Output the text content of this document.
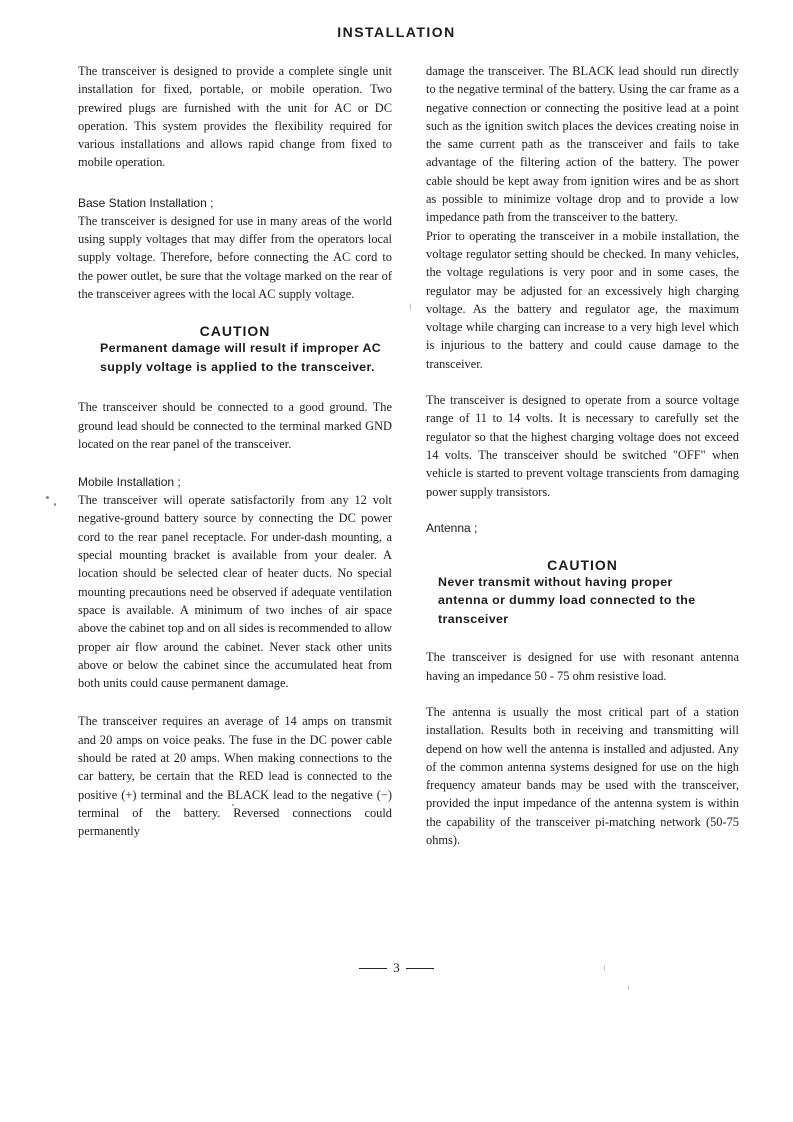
INSTALLATION

The transceiver is designed to provide a complete single unit installation for fixed, portable, or mobile operation. Two prewired plugs are furnished with the unit for AC or DC operation. This system provides the flexibility required for various installations and allows rapid change from fixed to mobile operation.

Base Station Installation ;

The transceiver is designed for use in many areas of the world using supply voltages that may differ from the operators local supply voltage. Therefore, before connecting the AC cord to the power outlet, be sure that the voltage marked on the rear of the transceiver agrees with the local AC supply voltage.

CAUTION
Permanent damage will result if improper AC supply voltage is applied to the transceiver.

The transceiver should be connected to a good ground. The ground lead should be connected to the terminal marked GND located on the rear panel of the transceiver.

Mobile Installation ;

The transceiver will operate satisfactorily from any 12 volt negative-ground battery source by connecting the DC power cord to the rear panel receptacle. For under-dash mounting, a special mounting bracket is available from your dealer. A location should be selected clear of heater ducts. No special mounting precautions need be observed if adequate ventilation space is available. A minimum of two inches of air space above the cabinet top and on all sides is recommended to allow proper air flow around the cabinet. Never stack other units above or below the cabinet since the accumulated heat from both units could cause permanent damage.

The transceiver requires an average of 14 amps on transmit and 20 amps on voice peaks. The fuse in the DC power cable should be rated at 20 amps. When making connections to the car battery, be certain that the RED lead is connected to the positive (+) terminal and the BLACK lead to the negative (−) terminal of the battery. Reversed connections could permanently

damage the transceiver. The BLACK lead should run directly to the negative terminal of the battery. Using the car frame as a negative connection or connecting the positive lead at a point such as the ignition switch places the devices creating noise in the same current path as the transceiver and fails to take advantage of the filtering action of the battery. The power cable should be kept away from ignition wires and be as short as possible to minimize voltage drop and to provide a low impedance path from the transceiver to the battery.

Prior to operating the transceiver in a mobile installation, the voltage regulator setting should be checked. In many vehicles, the voltage regulations is very poor and in some cases, the regulator may be adjusted for an excessively high charging voltage. As the battery and regulator age, the maximum voltage while charging can increase to a very high level which is injurious to the battery and could cause damage to the transceiver.

The transceiver is designed to operate from a source voltage range of 11 to 14 volts. It is necessary to carefully set the regulator so that the highest charging voltage does not exceed 14 volts. The transceiver should be switched "OFF" when vehicle is started to prevent voltage transcients from damaging power supply transistors.

Antenna ;
CAUTION
Never transmit without having proper antenna or dummy load connected to the transceiver

The transceiver is designed for use with resonant antenna having an impedance 50 - 75 ohm resistive load.

The antenna is usually the most critical part of a station installation. Results both in receiving and transmitting will depend on how well the antenna is installed and adjusted. Any of the common antenna systems designed for use on the high frequency amateur bands may be used with the transceiver, provided the input impedance of the antenna system is within the capability of the transceiver pi-matching network (50-75 ohms).

3
